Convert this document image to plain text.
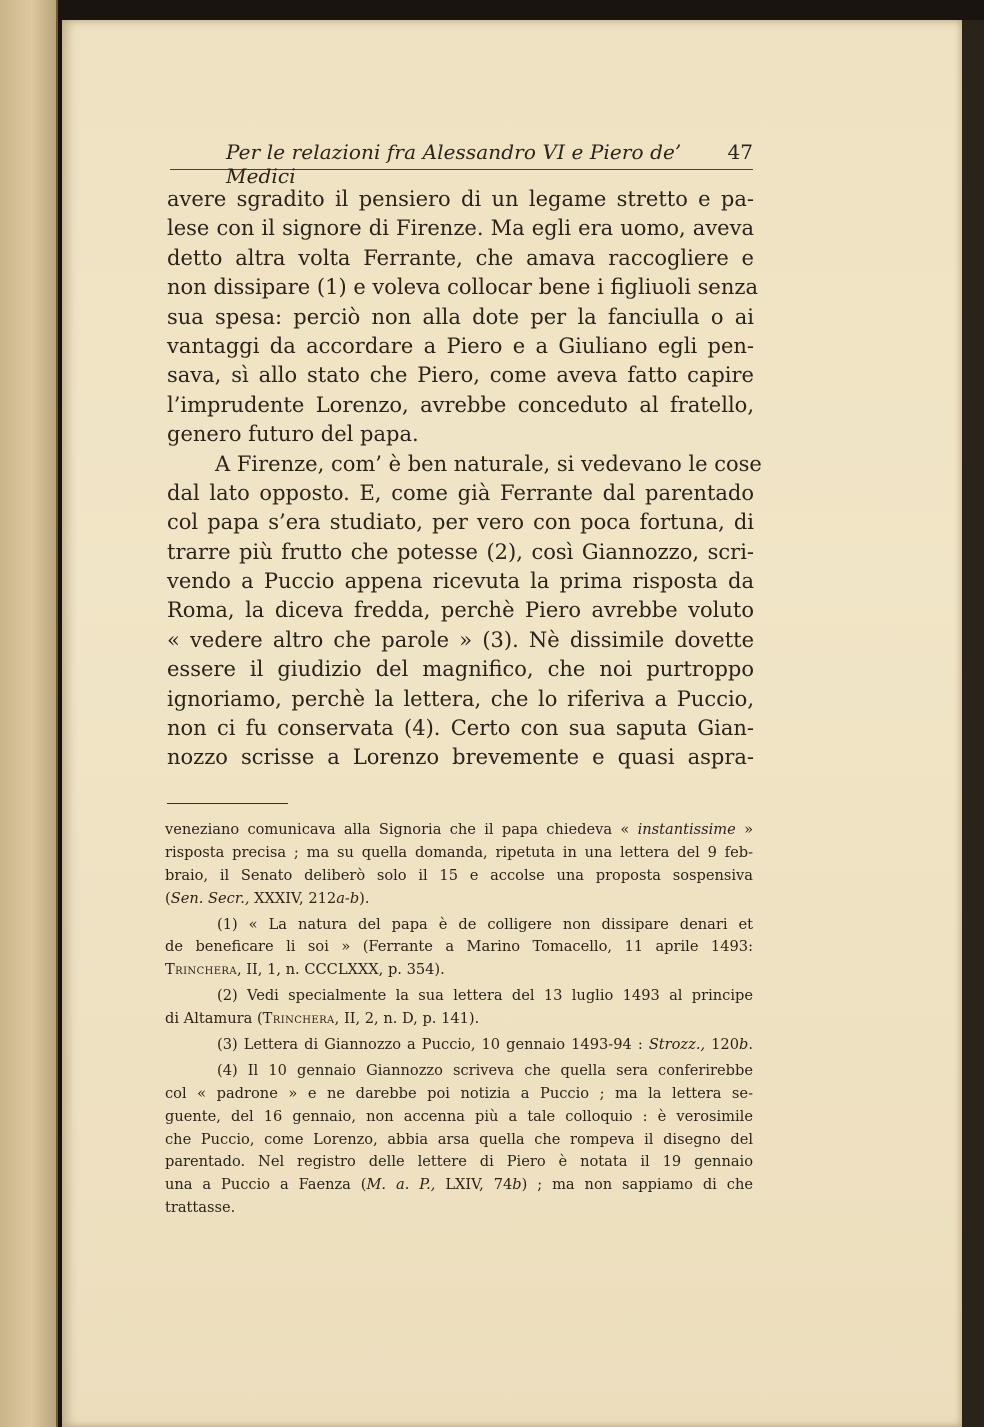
Per le relazioni fra Alessandro VI e Piero de’ Medici
47
avere sgradito il pensiero di un legame stretto e pa-
lese con il signore di Firenze. Ma egli era uomo, aveva
detto altra volta Ferrante, che amava raccogliere e
non dissipare (1) e voleva collocar bene i figliuoli senza
sua spesa: perciò non alla dote per la fanciulla o ai
vantaggi da accordare a Piero e a Giuliano egli pen-
sava, sì allo stato che Piero, come aveva fatto capire
l’imprudente Lorenzo, avrebbe conceduto al fratello,
genero futuro del papa.
A Firenze, com’ è ben naturale, si vedevano le cose
dal lato opposto. E, come già Ferrante dal parentado
col papa s’era studiato, per vero con poca fortuna, di
trarre più frutto che potesse (2), così Giannozzo, scri-
vendo a Puccio appena ricevuta la prima risposta da
Roma, la diceva fredda, perchè Piero avrebbe voluto
« vedere altro che parole » (3). Nè dissimile dovette
essere il giudizio del magnifico, che noi purtroppo
ignoriamo, perchè la lettera, che lo riferiva a Puccio,
non ci fu conservata (4). Certo con sua saputa Gian-
nozzo scrisse a Lorenzo brevemente e quasi aspra-
veneziano comunicava alla Signoria che il papa chiedeva « instantissime »
risposta precisa ; ma su quella domanda, ripetuta in una lettera del 9 feb-
braio, il Senato deliberò solo il 15 e accolse una proposta sospensiva
(Sen. Secr., XXXIV, 212a-b).
(1) « La natura del papa è de colligere non dissipare denari et
de beneficare li soi » (Ferrante a Marino Tomacello, 11 aprile 1493:
Trinchera, II, 1, n. CCCLXXX, p. 354).
(2) Vedi specialmente la sua lettera del 13 luglio 1493 al principe
di Altamura (Trinchera, II, 2, n. D, p. 141).
(3) Lettera di Giannozzo a Puccio, 10 gennaio 1493-94 : Strozz., 120b.
(4) Il 10 gennaio Giannozzo scriveva che quella sera conferirebbe
col « padrone » e ne darebbe poi notizia a Puccio ; ma la lettera se-
guente, del 16 gennaio, non accenna più a tale colloquio : è verosimile
che Puccio, come Lorenzo, abbia arsa quella che rompeva il disegno del
parentado. Nel registro delle lettere di Piero è notata il 19 gennaio
una a Puccio a Faenza (M. a. P., LXIV, 74b) ; ma non sappiamo di che
trattasse.
